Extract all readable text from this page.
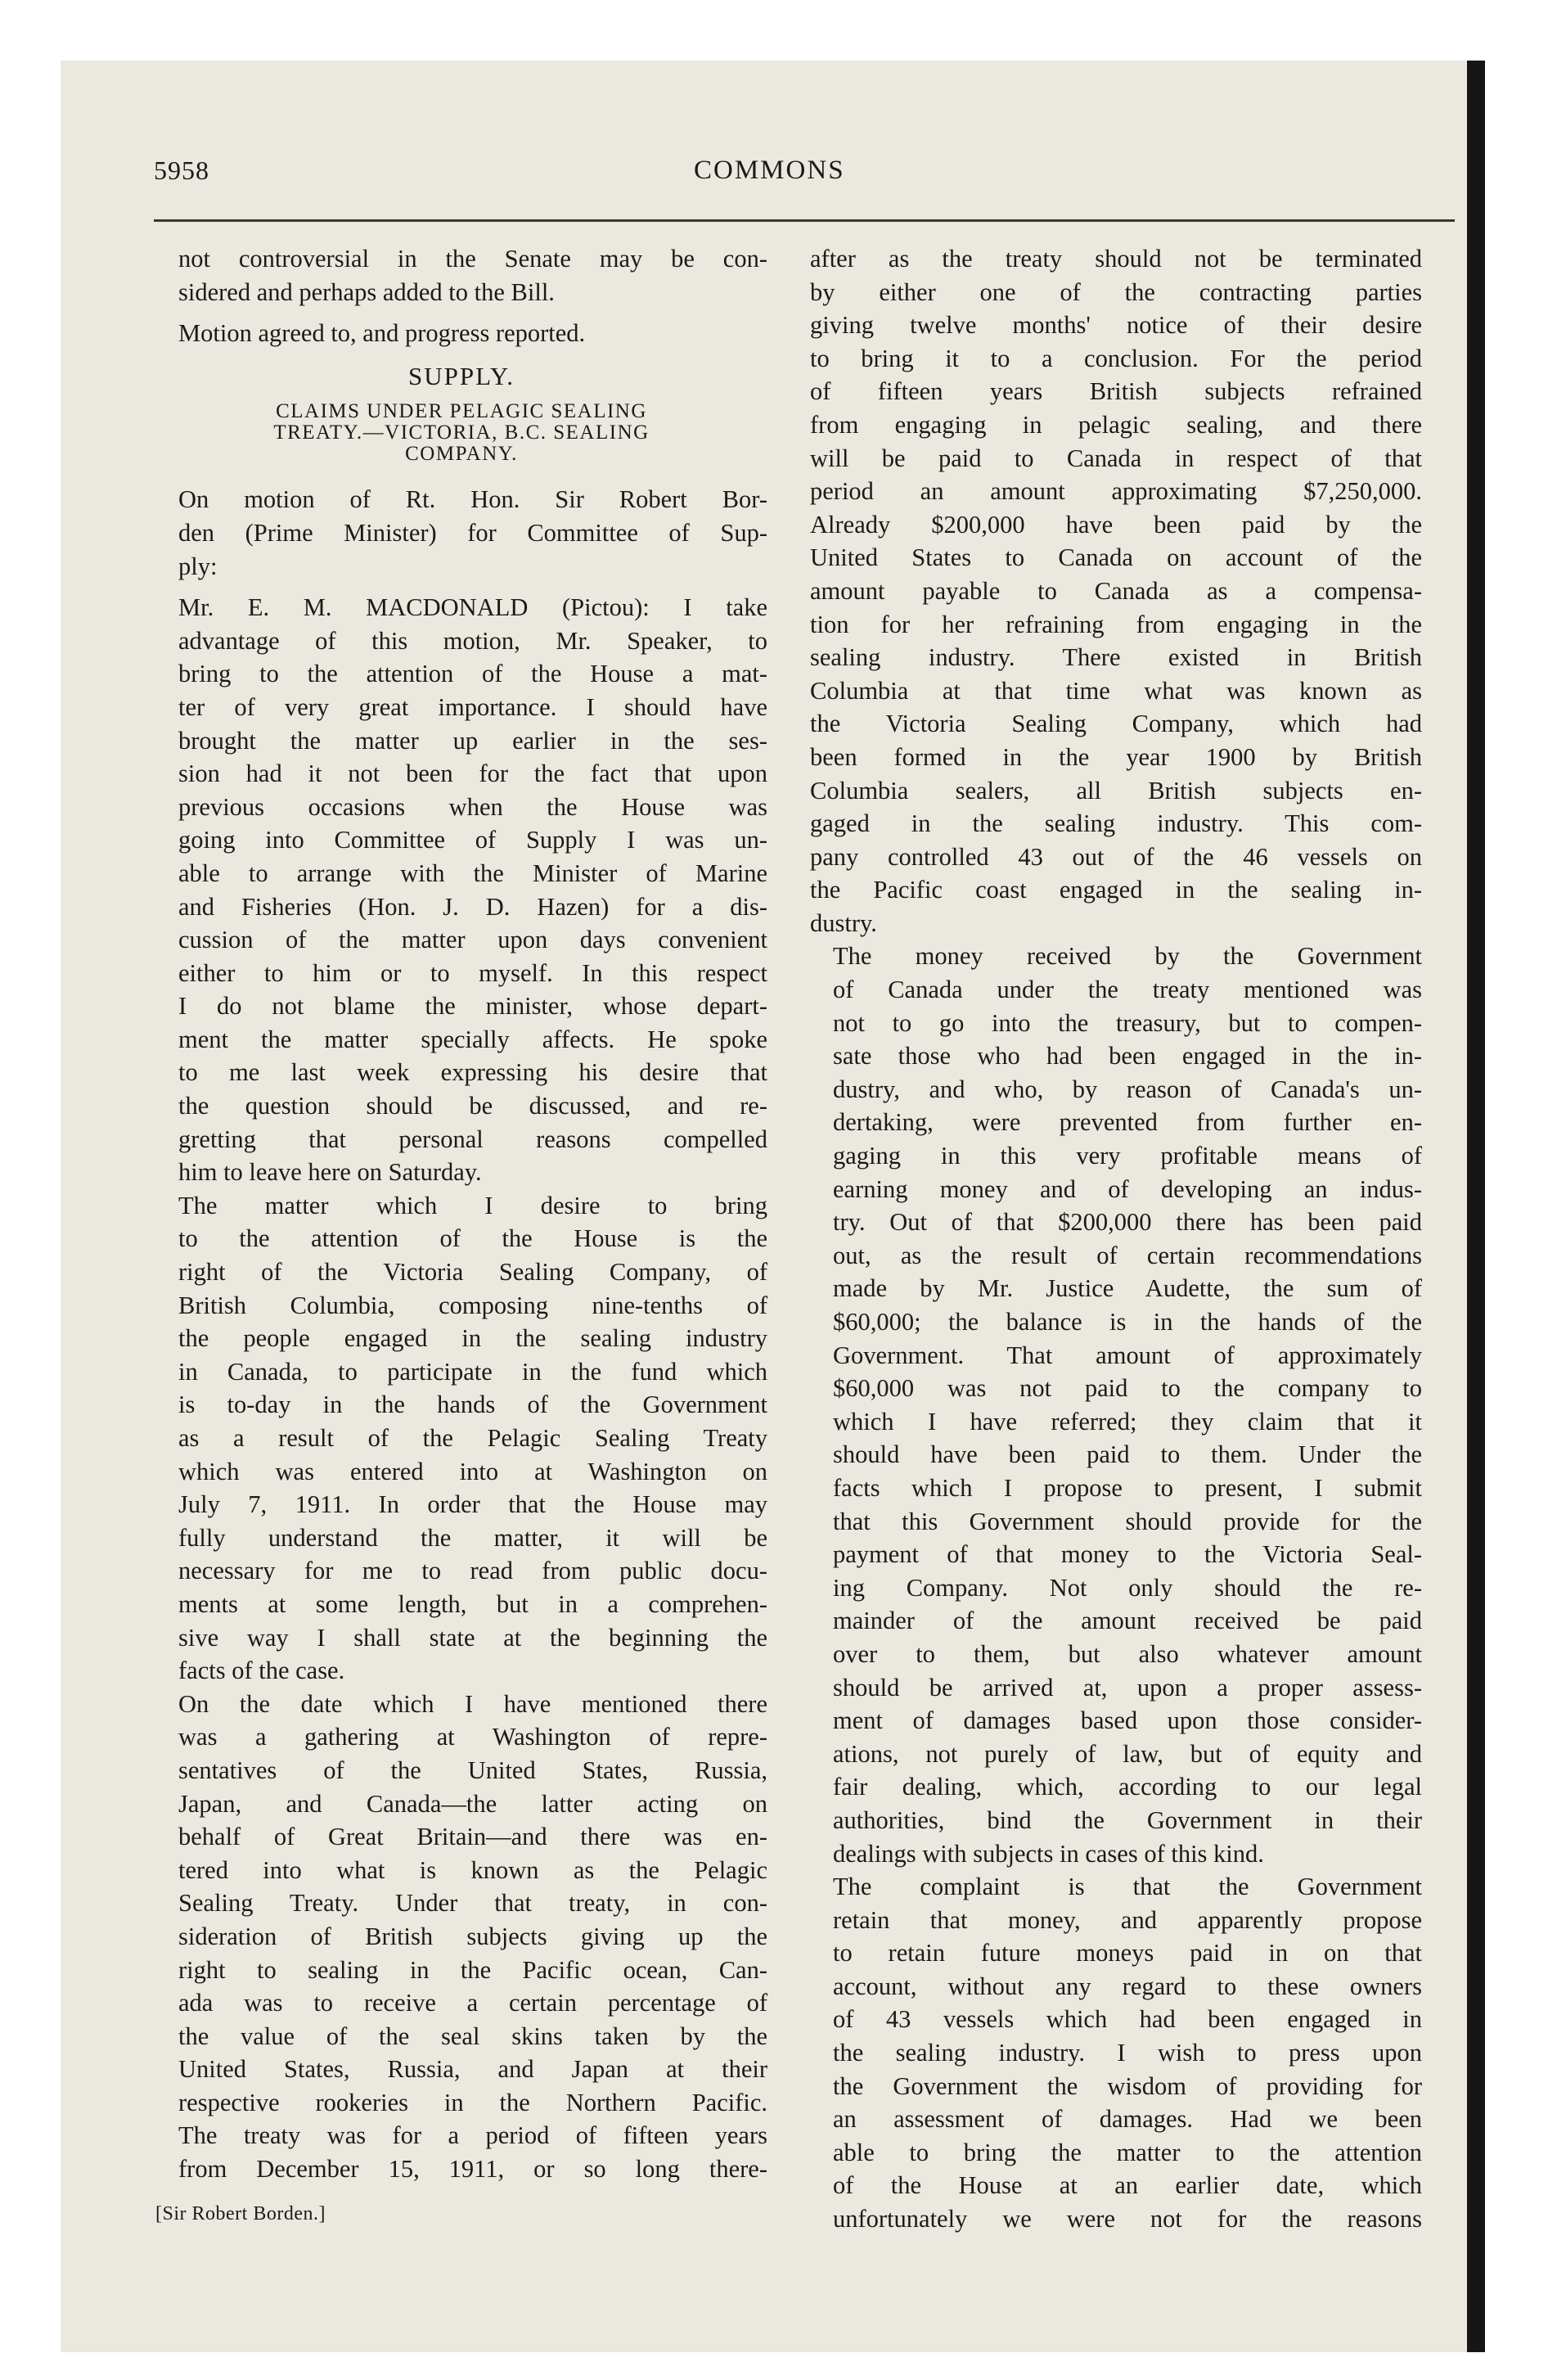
5958	COMMONS

not controversial in the Senate may be con-
sidered and perhaps added to the Bill.

Motion agreed to, and progress reported.

SUPPLY.
CLAIMS UNDER PELAGIC SEALING
TREATY.—VICTORIA, B.C. SEALING
COMPANY.

On motion of Rt. Hon. Sir Robert Bor-
den (Prime Minister) for Committee of Sup-
ply:

Mr. E. M. MACDONALD (Pictou): I take
advantage of this motion, Mr. Speaker, to
bring to the attention of the House a mat-
ter of very great importance. I should have
brought the matter up earlier in the ses-
sion had it not been for the fact that upon
previous occasions when the House was
going into Committee of Supply I was un-
able to arrange with the Minister of Marine
and Fisheries (Hon. J. D. Hazen) for a dis-
cussion of the matter upon days convenient
either to him or to myself. In this respect
I do not blame the minister, whose depart-
ment the matter specially affects. He spoke
to me last week expressing his desire that
the question should be discussed, and re-
gretting that personal reasons compelled
him to leave here on Saturday.

The matter which I desire to bring
to the attention of the House is the
right of the Victoria Sealing Company, of
British Columbia, composing nine-tenths of
the people engaged in the sealing industry
in Canada, to participate in the fund which
is to-day in the hands of the Government
as a result of the Pelagic Sealing Treaty
which was entered into at Washington on
July 7, 1911. In order that the House may
fully understand the matter, it will be
necessary for me to read from public docu-
ments at some length, but in a comprehen-
sive way I shall state at the beginning the
facts of the case.

On the date which I have mentioned there
was a gathering at Washington of repre-
sentatives of the United States, Russia,
Japan, and Canada—the latter acting on
behalf of Great Britain—and there was en-
tered into what is known as the Pelagic
Sealing Treaty. Under that treaty, in con-
sideration of British subjects giving up the
right to sealing in the Pacific ocean, Can-
ada was to receive a certain percentage of
the value of the seal skins taken by the
United States, Russia, and Japan at their
respective rookeries in the Northern Pacific.
The treaty was for a period of fifteen years
from December 15, 1911, or so long there-

[Sir Robert Borden.]

after as the treaty should not be terminated
by either one of the contracting parties
giving twelve months' notice of their desire
to bring it to a conclusion. For the period
of fifteen years British subjects refrained
from engaging in pelagic sealing, and there
will be paid to Canada in respect of that
period an amount approximating $7,250,000.
Already $200,000 have been paid by the
United States to Canada on account of the
amount payable to Canada as a compensa-
tion for her refraining from engaging in the
sealing industry. There existed in British
Columbia at that time what was known as
the Victoria Sealing Company, which had
been formed in the year 1900 by British
Columbia sealers, all British subjects en-
gaged in the sealing industry. This com-
pany controlled 43 out of the 46 vessels on
the Pacific coast engaged in the sealing in-
dustry.

The money received by the Government
of Canada under the treaty mentioned was
not to go into the treasury, but to compen-
sate those who had been engaged in the in-
dustry, and who, by reason of Canada's un-
dertaking, were prevented from further en-
gaging in this very profitable means of
earning money and of developing an indus-
try. Out of that $200,000 there has been paid
out, as the result of certain recommendations
made by Mr. Justice Audette, the sum of
$60,000; the balance is in the hands of the
Government. That amount of approximately
$60,000 was not paid to the company to
which I have referred; they claim that it
should have been paid to them. Under the
facts which I propose to present, I submit
that this Government should provide for the
payment of that money to the Victoria Seal-
ing Company. Not only should the re-
mainder of the amount received be paid
over to them, but also whatever amount
should be arrived at, upon a proper assess-
ment of damages based upon those consider-
ations, not purely of law, but of equity and
fair dealing, which, according to our legal
authorities, bind the Government in their
dealings with subjects in cases of this kind.

The complaint is that the Government
retain that money, and apparently propose
to retain future moneys paid in on that
account, without any regard to these owners
of 43 vessels which had been engaged in
the sealing industry. I wish to press upon
the Government the wisdom of providing for
an assessment of damages. Had we been
able to bring the matter to the attention
of the House at an earlier date, which
unfortunately we were not for the reasons
